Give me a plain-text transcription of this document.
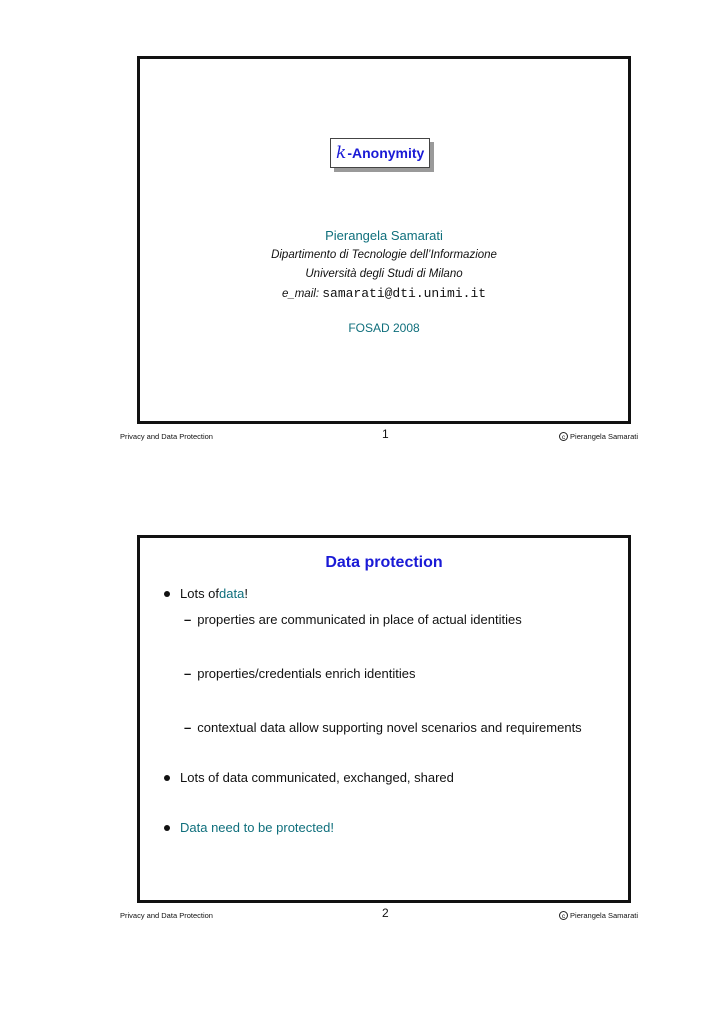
k -Anonymity
Pierangela Samarati
Dipartimento di Tecnologie dell’Informazione
Università degli Studi di Milano
e_mail: samarati@dti.unimi.it
FOSAD 2008
Privacy and Data Protection	1	c Pierangela Samarati
Data protection
Lots of data !
– properties are communicated in place of actual identities
– properties/credentials enrich identities
– contextual data allow supporting novel scenarios and requirements
Lots of data communicated, exchanged, shared
Data need to be protected!
Privacy and Data Protection	2	c Pierangela Samarati
